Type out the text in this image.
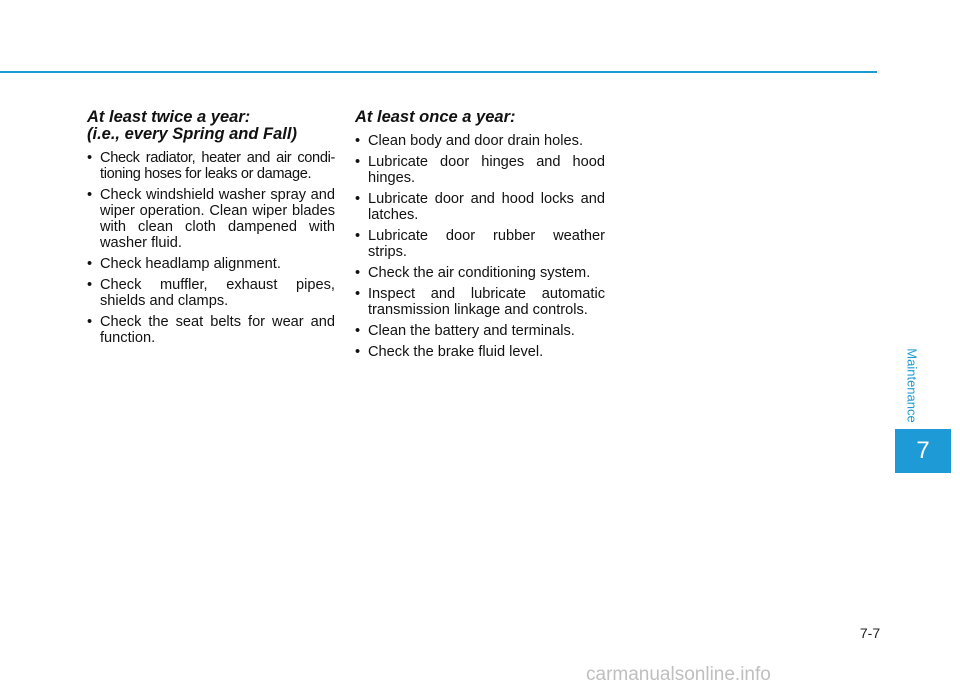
At least twice a year:
(i.e., every Spring and Fall)
• Check radiator, heater and air condi-tioning hoses for leaks or damage.
• Check windshield washer spray and wiper operation. Clean wiper blades with clean cloth dampened with washer fluid.
• Check headlamp alignment.
• Check muffler, exhaust pipes, shields and clamps.
• Check the seat belts for wear and function.
At least once a year:
• Clean body and door drain holes.
• Lubricate door hinges and hood hinges.
• Lubricate door and hood locks and latches.
• Lubricate door rubber weather strips.
• Check the air conditioning system.
• Inspect and lubricate automatic transmission linkage and controls.
• Clean the battery and terminals.
• Check the brake fluid level.	Maintenance
7
7-7
carmanualsonline.info
